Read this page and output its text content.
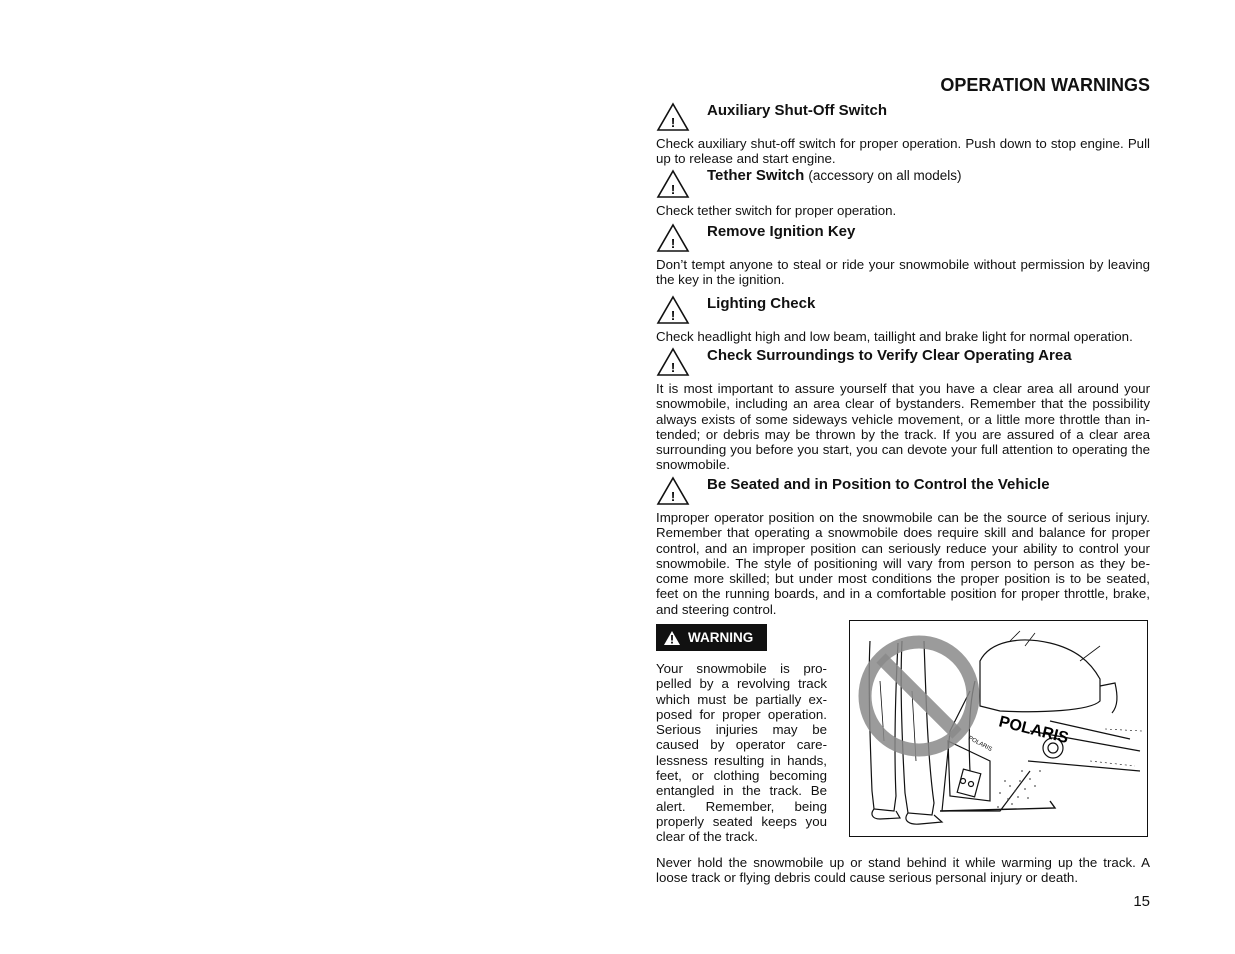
OPERATION WARNINGS
!
Auxiliary Shut-Off Switch

Check auxiliary shut-off switch for proper operation. Push down to stop engine. Pull up to release and start engine.

!
Tether Switch (accessory on all models)

Check tether switch for proper operation.

!
Remove Ignition Key

Don’t tempt anyone to steal or ride your snowmobile without permission by leaving the key in the ignition.

!
Lighting Check

Check headlight high and low beam, taillight and brake light for normal operation.

!
Check Surroundings to Verify Clear Operating Area

It is most important to assure yourself that you have a clear area all around your snowmobile, including an area clear of bystanders. Remember that the possibility always exists of some sideways vehicle movement, or a little more throttle than in- tended; or debris may be thrown by the track. If you are assured of a clear area surrounding you before you start, you can devote your full attention to operating the snowmobile.

!
Be Seated and in Position to Control the Vehicle

Improper operator position on the snowmobile can be the source of serious injury. Remember that operating a snowmobile does require skill and balance for proper control, and an improper position can seriously reduce your ability to control your snowmobile. The style of positioning will vary from person to person as they be- come more skilled; but under most conditions the proper position is to be seated, feet on the running boards, and in a comfortable position for proper throttle, brake, and steering control.

WARNING

Your snowmobile is pro- pelled by a revolving track which must be partially ex- posed for proper operation. Serious injuries may be caused by operator care- lessness resulting in hands, feet, or clothing becoming entangled in the track. Be alert. Remember, being properly seated keeps you clear of the track.

POLARIS
POLARIS

Never hold the snowmobile up or stand behind it while warming up the track. A loose track or flying debris could cause serious personal injury or death.

15
